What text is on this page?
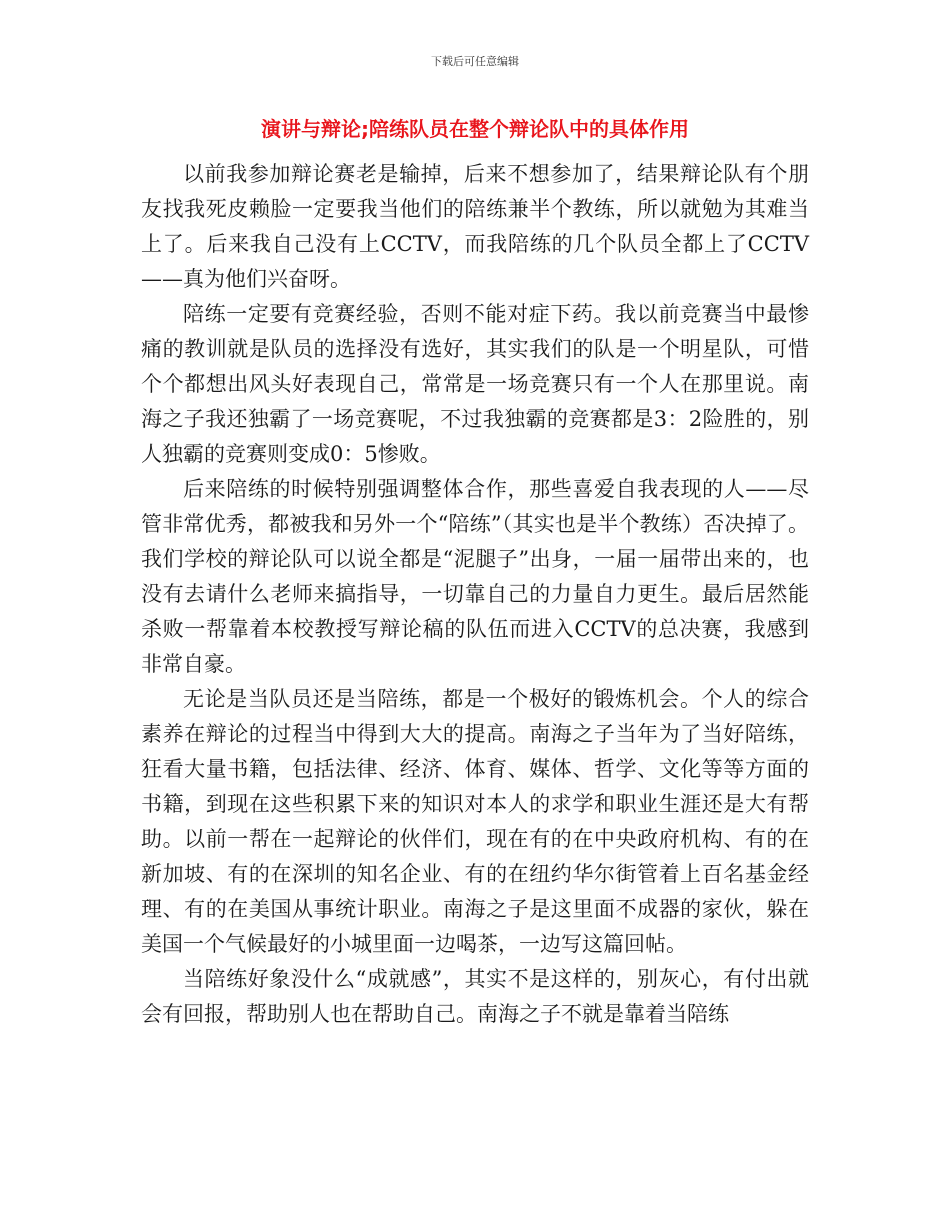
下载后可任意编辑
演讲与辩论;陪练队员在整个辩论队中的具体作用

以前我参加辩论赛老是输掉，后来不想参加了，结果辩论队有个朋友找我死皮赖脸一定要我当他们的陪练兼半个教练，所以就勉为其难当上了。后来我自己没有上CCTV，而我陪练的几个队员全都上了CCTV——真为他们兴奋呀。

陪练一定要有竞赛经验，否则不能对症下药。我以前竞赛当中最惨痛的教训就是队员的选择没有选好，其实我们的队是一个明星队，可惜个个都想出风头好表现自己，常常是一场竞赛只有一个人在那里说。南海之子我还独霸了一场竞赛呢，不过我独霸的竞赛都是3：2险胜的，别人独霸的竞赛则变成0：5惨败。

后来陪练的时候特别强调整体合作，那些喜爱自我表现的人——尽管非常优秀，都被我和另外一个“陪练”（其实也是半个教练）否决掉了。我们学校的辩论队可以说全都是“泥腿子”出身，一届一届带出来的，也没有去请什么老师来搞指导，一切靠自己的力量自力更生。最后居然能杀败一帮靠着本校教授写辩论稿的队伍而进入CCTV的总决赛，我感到非常自豪。

无论是当队员还是当陪练，都是一个极好的锻炼机会。个人的综合素养在辩论的过程当中得到大大的提高。南海之子当年为了当好陪练，狂看大量书籍，包括法律、经济、体育、媒体、哲学、文化等等方面的书籍，到现在这些积累下来的知识对本人的求学和职业生涯还是大有帮助。以前一帮在一起辩论的伙伴们，现在有的在中央政府机构、有的在新加坡、有的在深圳的知名企业、有的在纽约华尔街管着上百名基金经理、有的在美国从事统计职业。南海之子是这里面不成器的家伙，躲在美国一个气候最好的小城里面一边喝茶，一边写这篇回帖。

当陪练好象没什么“成就感”，其实不是这样的，别灰心，有付出就会有回报，帮助别人也在帮助自己。南海之子不就是靠着当陪练
